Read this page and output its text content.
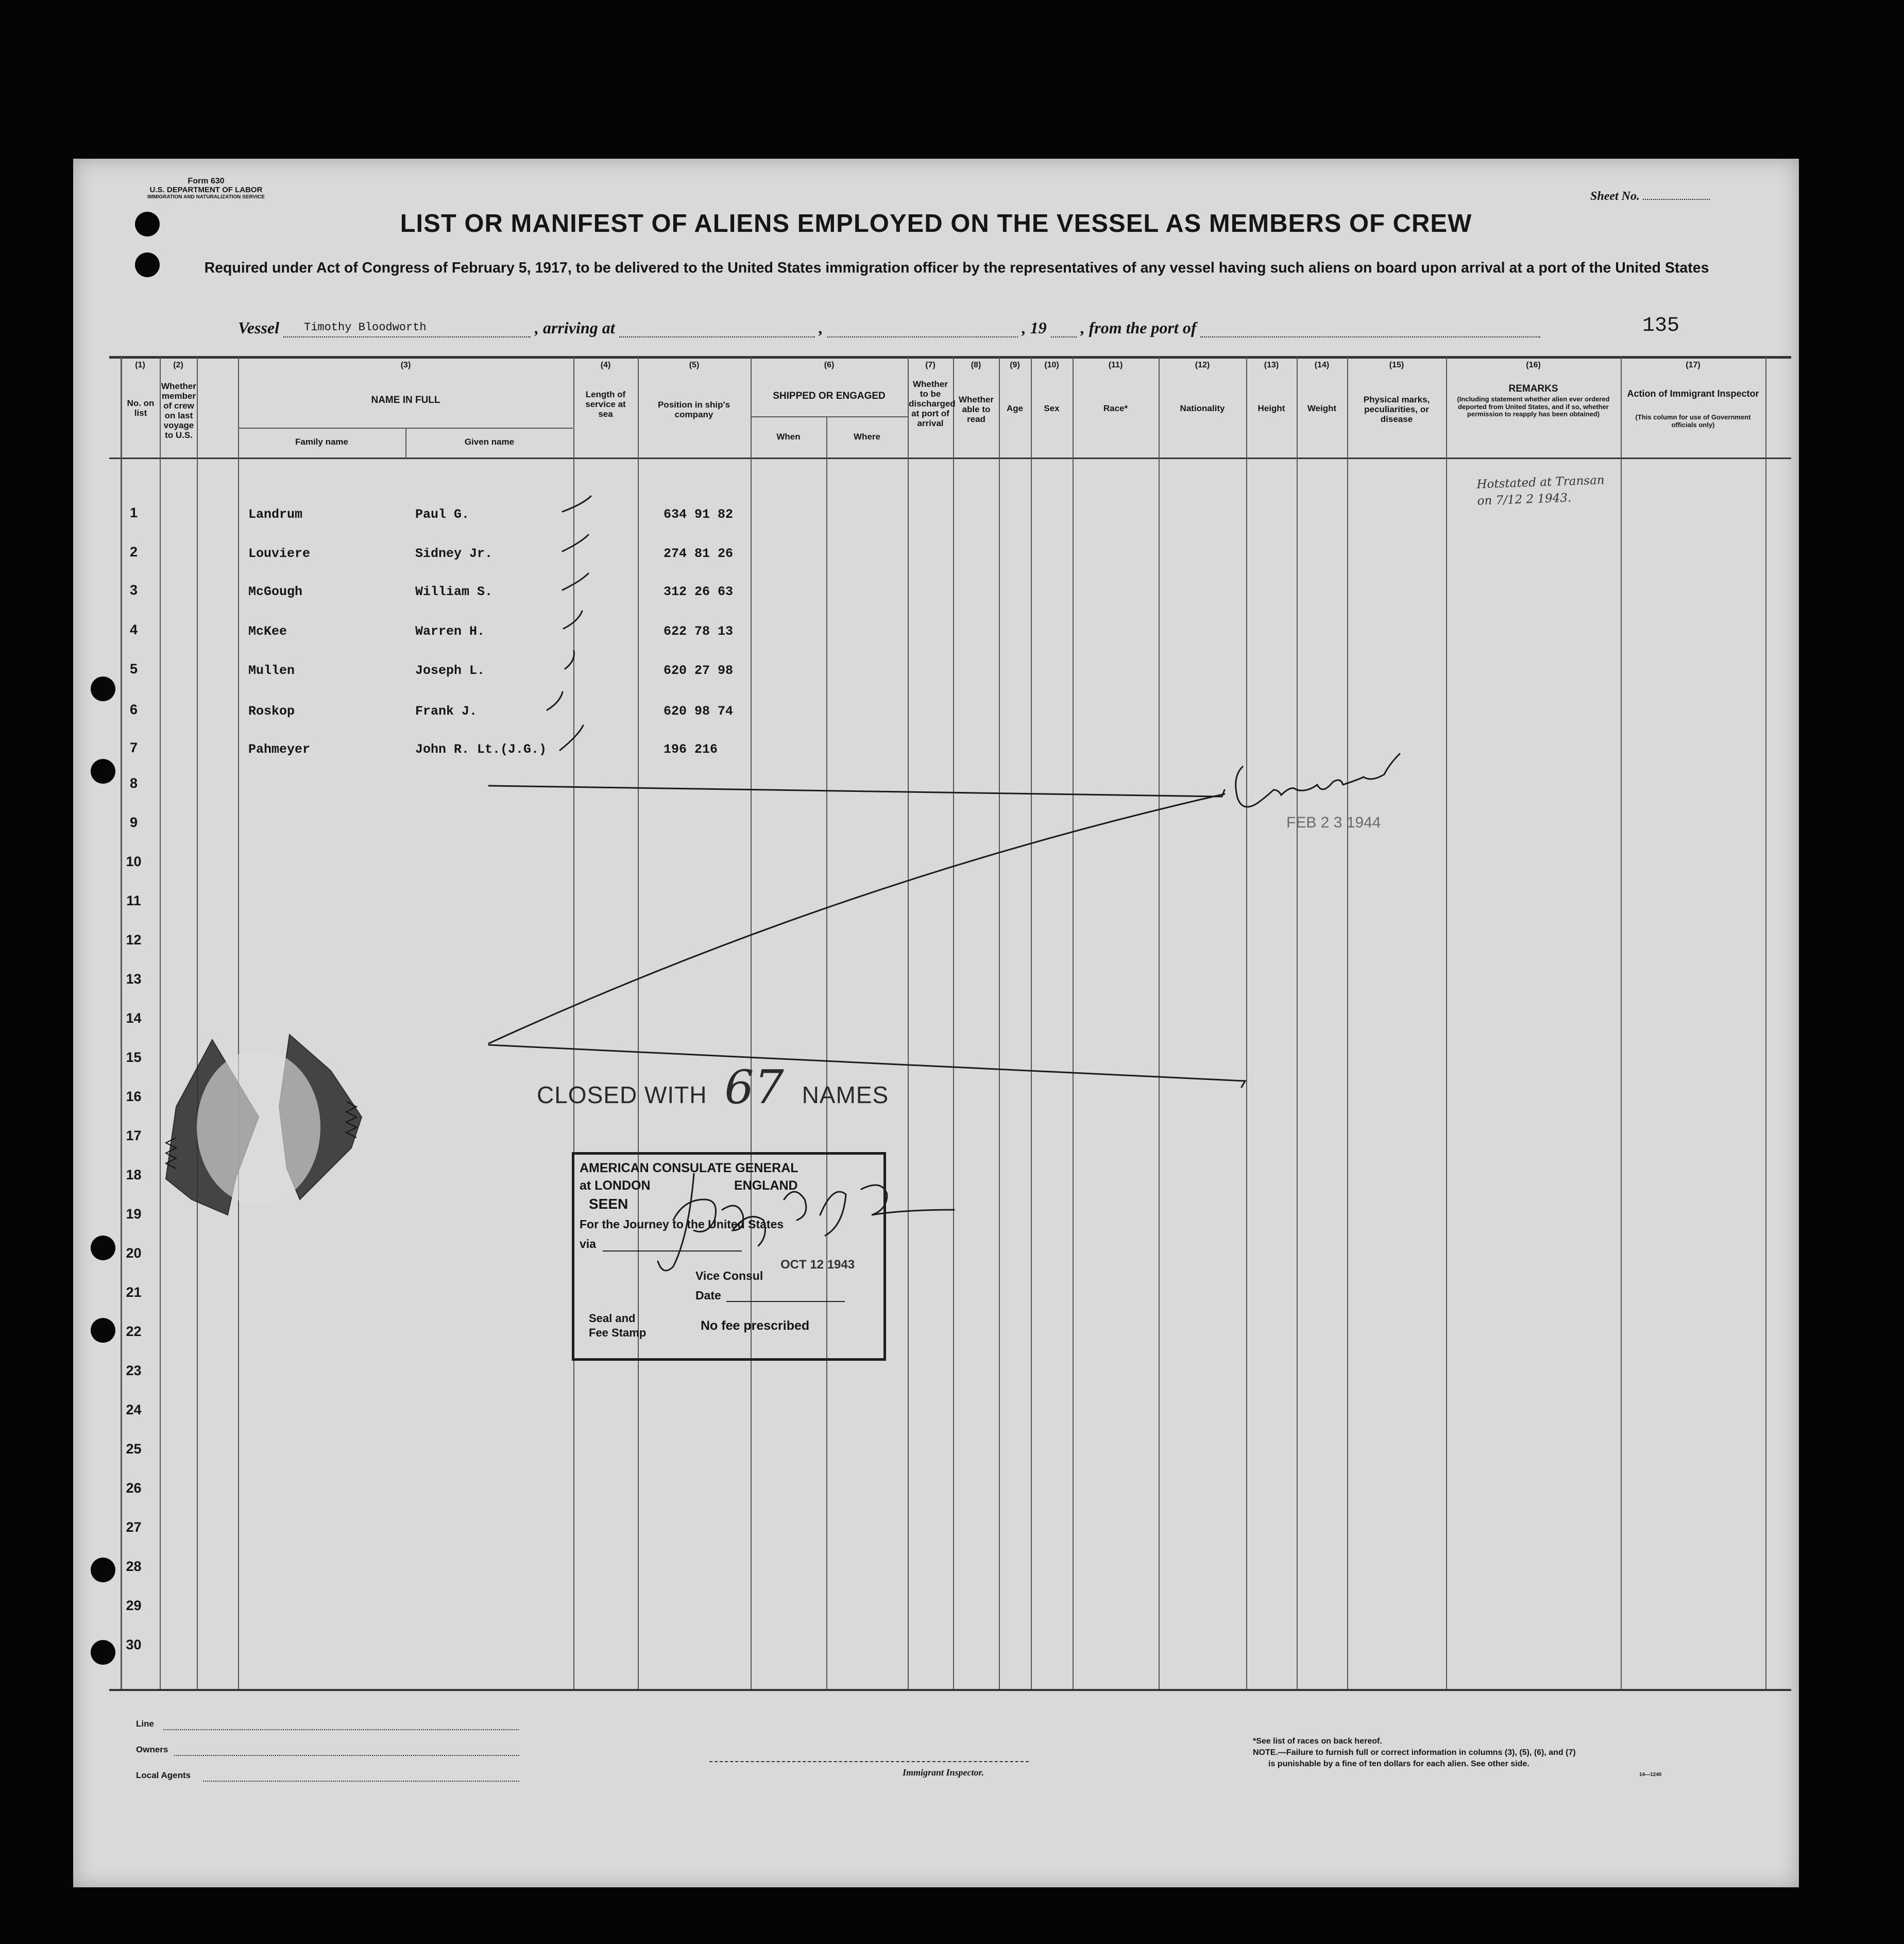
Form 630
U.S. DEPARTMENT OF LABOR
IMMIGRATION AND NATURALIZATION SERVICE	Sheet No.
LIST OR MANIFEST OF ALIENS EMPLOYED ON THE VESSEL AS MEMBERS OF CREW
Required under Act of Congress of February 5, 1917, to be delivered to the United States immigration officer by the representatives of any vessel having such aliens on board upon arrival at a port of the United States
Vessel Timothy Bloodworth	, arriving at	,	, 19 , from the port of	135
(1)	(2)	(3)	(4)	(5)	(6)	(7)	(8)	(9)	(10)	(11)	(12)	(13)	(14)	(15)	(16)	(17)
No. on list
Whether member of crew on last voyage to U.S.
NAME IN FULL
Family name	Given name
Length of service at sea
Position in ship's company
SHIPPED OR ENGAGED
When	Where
Whether to be discharged at port of arrival
Whether able to read
Age	Sex	Race*	Nationality	Height	Weight
Physical marks, peculiarities, or disease
REMARKS
(Including statement whether alien ever ordered deported from United States, and if so, whether permission to reapply has been obtained)
Action of Immigrant Inspector
(This column for use of Government officials only)
1	Landrum	Paul G.	634 91 82
2	Louviere	Sidney Jr.	274 81 26
3	McGough	William S.	312 26 63
4	McKee	Warren H.	622 78 13
5	Mullen	Joseph L.	620 27 98
6	Roskop	Frank J.	620 98 74
7	Pahmeyer	John R. Lt.(J.G.)	196 216
8
9
10
11
12
13
14
15
16
17
18
19
20
21
22
23
24
25
26
27
28
29
30
Hotstated at Transan on 7/12 2 1943.
FEB 2 3 1944
CLOSED WITH 67 NAMES
AMERICAN CONSULATE GENERAL
at LONDON	ENGLAND
SEEN
For the Journey to the United States
via
Vice Consul
OCT 12 1943
Date
Seal and
Fee Stamp	No fee prescribed
Line
Owners
Local Agents	Immigrant Inspector.
*See list of races on back hereof.
NOTE.—Failure to furnish full or correct information in columns (3), (5), (6), and (7)
is punishable by a fine of ten dollars for each alien. See other side.
14—1240
